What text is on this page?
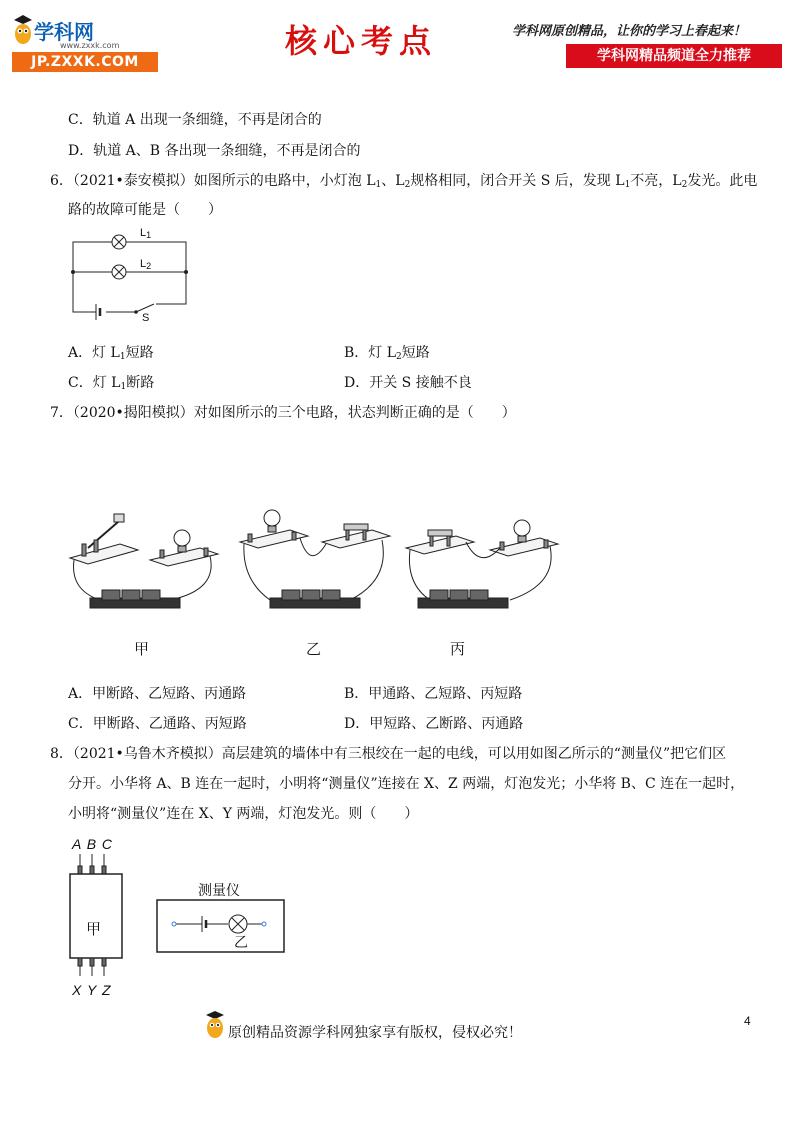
学科网
www.zxxk.com
JP.ZXXK.COM
核心考点	学科网原创精品，让你的学习上春起来！
学科网精品频道全力推荐
C．轨道 A 出现一条细缝，不再是闭合的
D．轨道 A、B 各出现一条细缝，不再是闭合的
6．（2021•泰安模拟）如图所示的电路中，小灯泡 $L_1$、$L_2$规格相同，闭合开关 S 后，发现 $L_1$不亮，$L_2$发光。此电
路的故障可能是（　　）
$L_1$
$L_2$
S
A．灯 $L_1$短路	B．灯 $L_2$短路
C．灯 $L_1$断路	D．开关 S 接触不良
7．（2020•揭阳模拟）对如图所示的三个电路，状态判断正确的是（　　）
甲	乙	丙
A．甲断路、乙短路、丙通路	B．甲通路、乙短路、丙短路
C．甲断路、乙通路、丙短路	D．甲短路、乙断路、丙通路
8．（2021•乌鲁木齐模拟）高层建筑的墙体中有三根绞在一起的电线，可以用如图乙所示的“测量仪”把它们区
分开。小华将 A、B 连在一起时，小明将“测量仪”连接在 X、Z 两端，灯泡发光；小华将 B、C 连在一起时，
小明将“测量仪”连在 X、Y 两端，灯泡发光。则（　　）
A B C
甲
X Y Z
测量仪
乙
4
原创精品资源学科网独家享有版权，侵权必究！
